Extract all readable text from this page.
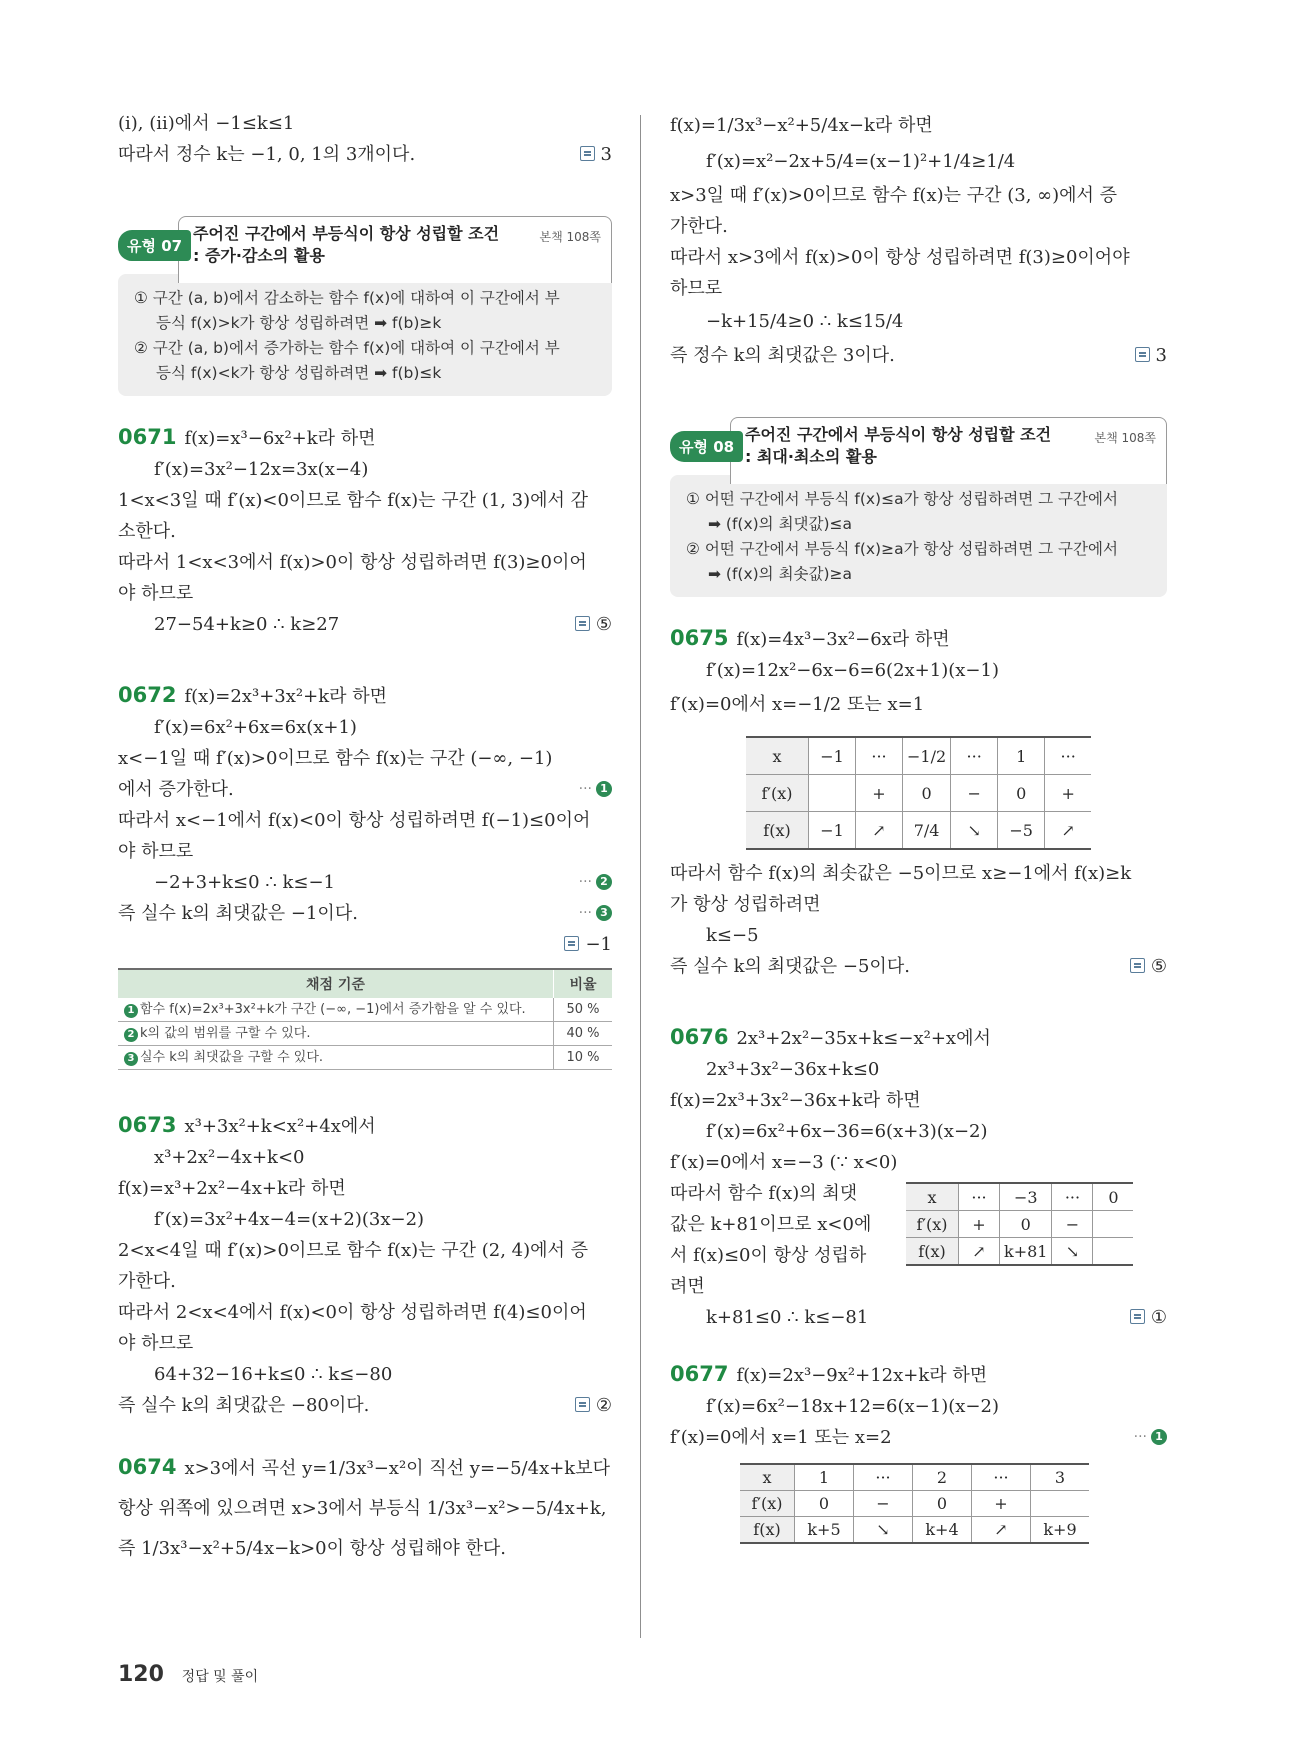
(ⅰ), (ⅱ)에서 −1≤k≤1
따라서 정수 k는 −1, 0, 1의 3개이다.	3
유형 07
주어진 구간에서 부등식이 항상 성립할 조건
: 증가·감소의 활용
본책 108쪽
① 구간 (a, b)에서 감소하는 함수 f(x)에 대하여 이 구간에서 부
등식 f(x)>k가 항상 성립하려면 ➡ f(b)≥k
② 구간 (a, b)에서 증가하는 함수 f(x)에 대하여 이 구간에서 부
등식 f(x)<k가 항상 성립하려면 ➡ f(b)≤k
0671 f(x)=x³−6x²+k라 하면
f′(x)=3x²−12x=3x(x−4)
1<x<3일 때 f′(x)<0이므로 함수 f(x)는 구간 (1, 3)에서 감
소한다.
따라서 1<x<3에서 f(x)>0이 항상 성립하려면 f(3)≥0이어
야 하므로
27−54+k≥0 ∴ k≥27	⑤
0672 f(x)=2x³+3x²+k라 하면
f′(x)=6x²+6x=6x(x+1)
x<−1일 때 f′(x)>0이므로 함수 f(x)는 구간 (−∞, −1)
에서 증가한다.	··· 1
따라서 x<−1에서 f(x)<0이 항상 성립하려면 f(−1)≤0이어
야 하므로
−2+3+k≤0 ∴ k≤−1	··· 2
즉 실수 k의 최댓값은 −1이다.	··· 3
−1

채점 기준	비율
1 함수 f(x)=2x³+3x²+k가 구간 (−∞, −1)에서 증가함을 알 수 있다.	50 %
2 k의 값의 범위를 구할 수 있다.	40 %
3 실수 k의 최댓값을 구할 수 있다.	10 %
0673 x³+3x²+k<x²+4x에서
x³+2x²−4x+k<0
f(x)=x³+2x²−4x+k라 하면
f′(x)=3x²+4x−4=(x+2)(3x−2)
2<x<4일 때 f′(x)>0이므로 함수 f(x)는 구간 (2, 4)에서 증
가한다.
따라서 2<x<4에서 f(x)<0이 항상 성립하려면 f(4)≤0이어
야 하므로
64+32−16+k≤0 ∴ k≤−80
즉 실수 k의 최댓값은 −80이다.	②
0674 x>3에서 곡선 y=1/3x³−x²이 직선 y=−5/4x+k보다
항상 위쪽에 있으려면 x>3에서 부등식 1/3x³−x²>−5/4x+k,
즉 1/3x³−x²+5/4x−k>0이 항상 성립해야 한다.
f(x)=1/3x³−x²+5/4x−k라 하면
f′(x)=x²−2x+5/4=(x−1)²+1/4≥1/4
x>3일 때 f′(x)>0이므로 함수 f(x)는 구간 (3, ∞)에서 증
가한다.
따라서 x>3에서 f(x)>0이 항상 성립하려면 f(3)≥0이어야
하므로
−k+15/4≥0 ∴ k≤15/4
즉 정수 k의 최댓값은 3이다.	3
유형 08
주어진 구간에서 부등식이 항상 성립할 조건
: 최대·최소의 활용
본책 108쪽
① 어떤 구간에서 부등식 f(x)≤a가 항상 성립하려면 그 구간에서
➡ (f(x)의 최댓값)≤a
② 어떤 구간에서 부등식 f(x)≥a가 항상 성립하려면 그 구간에서
➡ (f(x)의 최솟값)≥a
0675 f(x)=4x³−3x²−6x라 하면
f′(x)=12x²−6x−6=6(2x+1)(x−1)
f′(x)=0에서 x=−1/2 또는 x=1
x	−1	···	−1/2	···	1	···
f′(x)		+	0	−	0	+
f(x)	−1	↗	7/4	↘	−5	↗
따라서 함수 f(x)의 최솟값은 −5이므로 x≥−1에서 f(x)≥k
가 항상 성립하려면
k≤−5
즉 실수 k의 최댓값은 −5이다.	⑤
0676 2x³+2x²−35x+k≤−x²+x에서
2x³+3x²−36x+k≤0
f(x)=2x³+3x²−36x+k라 하면
f′(x)=6x²+6x−36=6(x+3)(x−2)
f′(x)=0에서 x=−3 (∵ x<0)
따라서 함수 f(x)의 최댓
값은 k+81이므로 x<0에
서 f(x)≤0이 항상 성립하
려면
x	···	−3	···	0
f′(x)	+	0	−	
f(x)	↗	k+81	↘	
k+81≤0 ∴ k≤−81	①
0677 f(x)=2x³−9x²+12x+k라 하면
f′(x)=6x²−18x+12=6(x−1)(x−2)
f′(x)=0에서 x=1 또는 x=2	··· 1
x	1	···	2	···	3
f′(x)	0	−	0	+	
f(x)	k+5	↘	k+4	↗	k+9
120 정답 및 풀이
